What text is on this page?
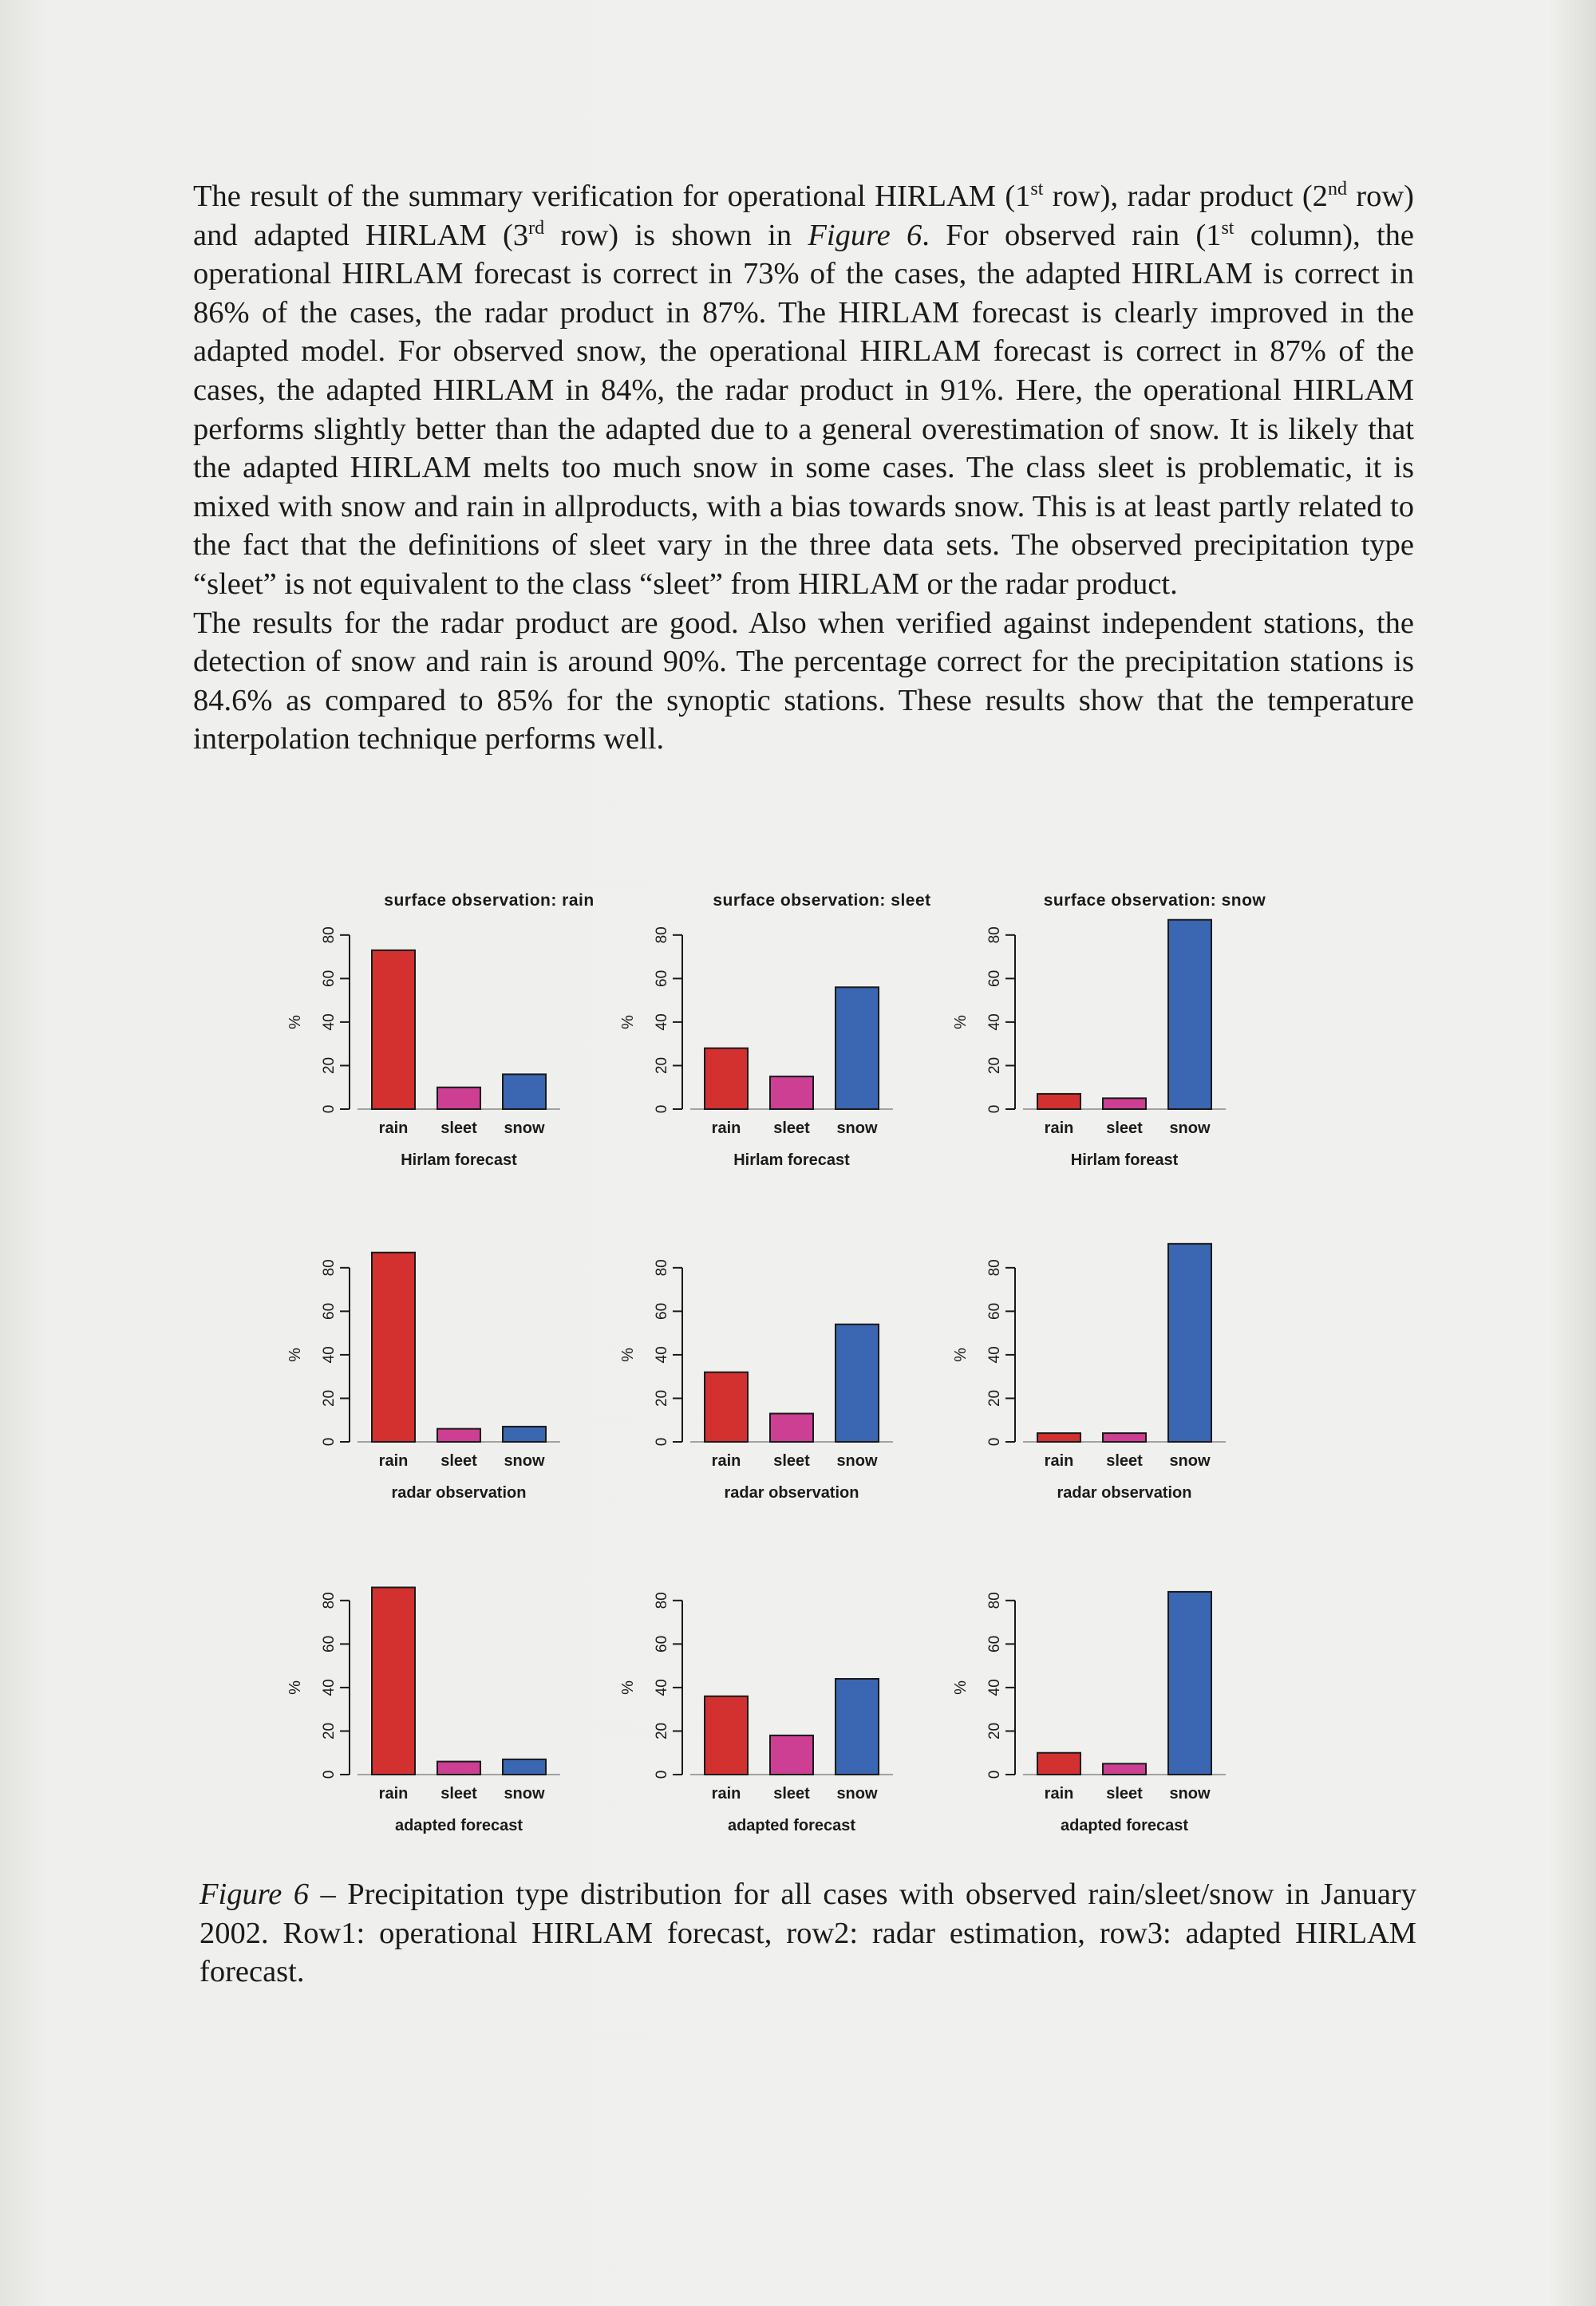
The result of the summary verification for operational HIRLAM (1st row), radar product (2nd row) and adapted HIRLAM (3rd row) is shown in Figure 6. For observed rain (1st column), the operational HIRLAM forecast is correct in 73% of the cases, the adapted HIRLAM is correct in 86% of the cases, the radar product in 87%. The HIRLAM forecast is clearly improved in the adapted model. For observed snow, the operational HIRLAM forecast is correct in 87% of the cases, the adapted HIRLAM in 84%, the radar product in 91%. Here, the operational HIRLAM performs slightly better than the adapted due to a general overestimation of snow. It is likely that the adapted HIRLAM melts too much snow in some cases. The class sleet is problematic, it is mixed with snow and rain in allproducts, with a bias towards snow. This is at least partly related to the fact that the definitions of sleet vary in the three data sets. The observed precipitation type “sleet” is not equivalent to the class “sleet” from HIRLAM or the radar product.

The results for the radar product are good. Also when verified against independent stations, the detection of snow and rain is around 90%. The percentage correct for the precipitation stations is 84.6% as compared to 85% for the synoptic stations. These results show that the temperature interpolation technique performs well.

surface observation: rain
0
20
40
60
80
%
rain sleet snow
Hirlam forecast
surface observation: sleet
0
20
40
60
80
%
rain sleet snow
Hirlam forecast
surface observation: snow
0
20
40
60
80
%
rain sleet snow
Hirlam foreast
0
20
40
60
80
%
rain sleet snow
radar observation
0
20
40
60
80
%
rain sleet snow
radar observation
0
20
40
60
80
%
rain sleet snow
radar observation
0
20
40
60
80
%
rain sleet snow
adapted forecast
0
20
40
60
80
%
rain sleet snow
adapted forecast
0
20
40
60
80
%
rain sleet snow
adapted forecast
Figure 6 – Precipitation type distribution for all cases with observed rain/sleet/snow in January 2002. Row1: operational HIRLAM forecast, row2: radar estimation, row3: adapted HIRLAM forecast.
